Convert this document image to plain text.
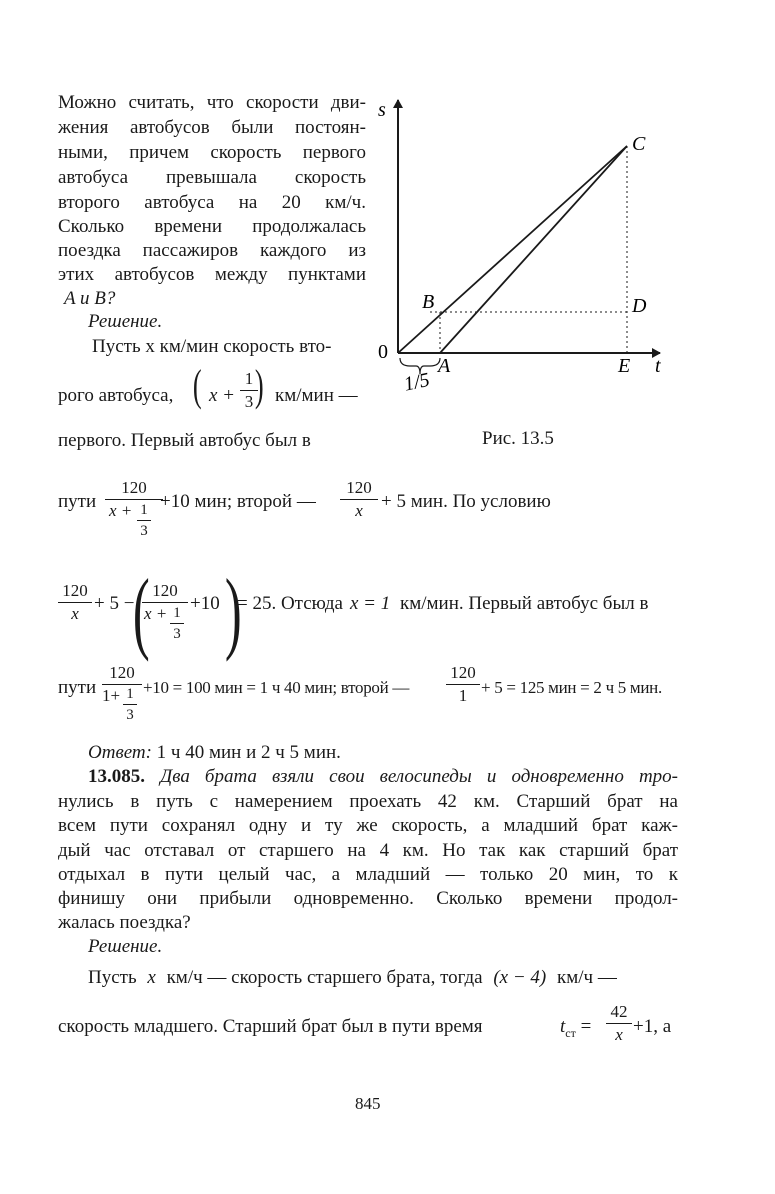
Можно считать, что скорости дви-
жения автобусов были постоян-
ными, причем скорость первого
автобуса превышала скорость
второго автобуса на 20 км/ч.
Сколько времени продолжалась
поездка пассажиров каждого из
этих автобусов между пунктами
A и B?
Решение.
Пусть x км/мин скорость вто-
рого автобуса, ( x +
1
3 ) км/мин —
первого. Первый автобус был в
s
t
0
A
B
C
D
E
1/5
Рис. 13.5
пути
120
x + 1
3
+10 мин; второй —
120
x + 5 мин. По условию
120
x + 5 −
( 120
x + 1
3
+10 )
= 25. Отсюда x = 1 км/мин. Первый автобус был в
пути
120
1+ 1
3
+10 = 100 мин = 1 ч 40 мин; второй —
120
1 + 5 = 125 мин = 2 ч 5 мин.
Ответ: 1 ч 40 мин и 2 ч 5 мин.
13.085. Два брата взяли свои велосипеды и одновременно тро-
нулись в путь с намерением проехать 42 км. Старший брат на
всем пути сохранял одну и ту же скорость, а младший брат каж-
дый час отставал от старшего на 4 км. Но так как старший брат
отдыхал в пути целый час, а младший — только 20 мин, то к
финишу они прибыли одновременно. Сколько времени продол-
жалась поездка?
Решение.
Пусть x км/ч — скорость старшего брата, тогда (x − 4) км/ч —
скорость младшего. Старший брат был в пути время	$t_{ст}$ =
42
x +1, а
845
